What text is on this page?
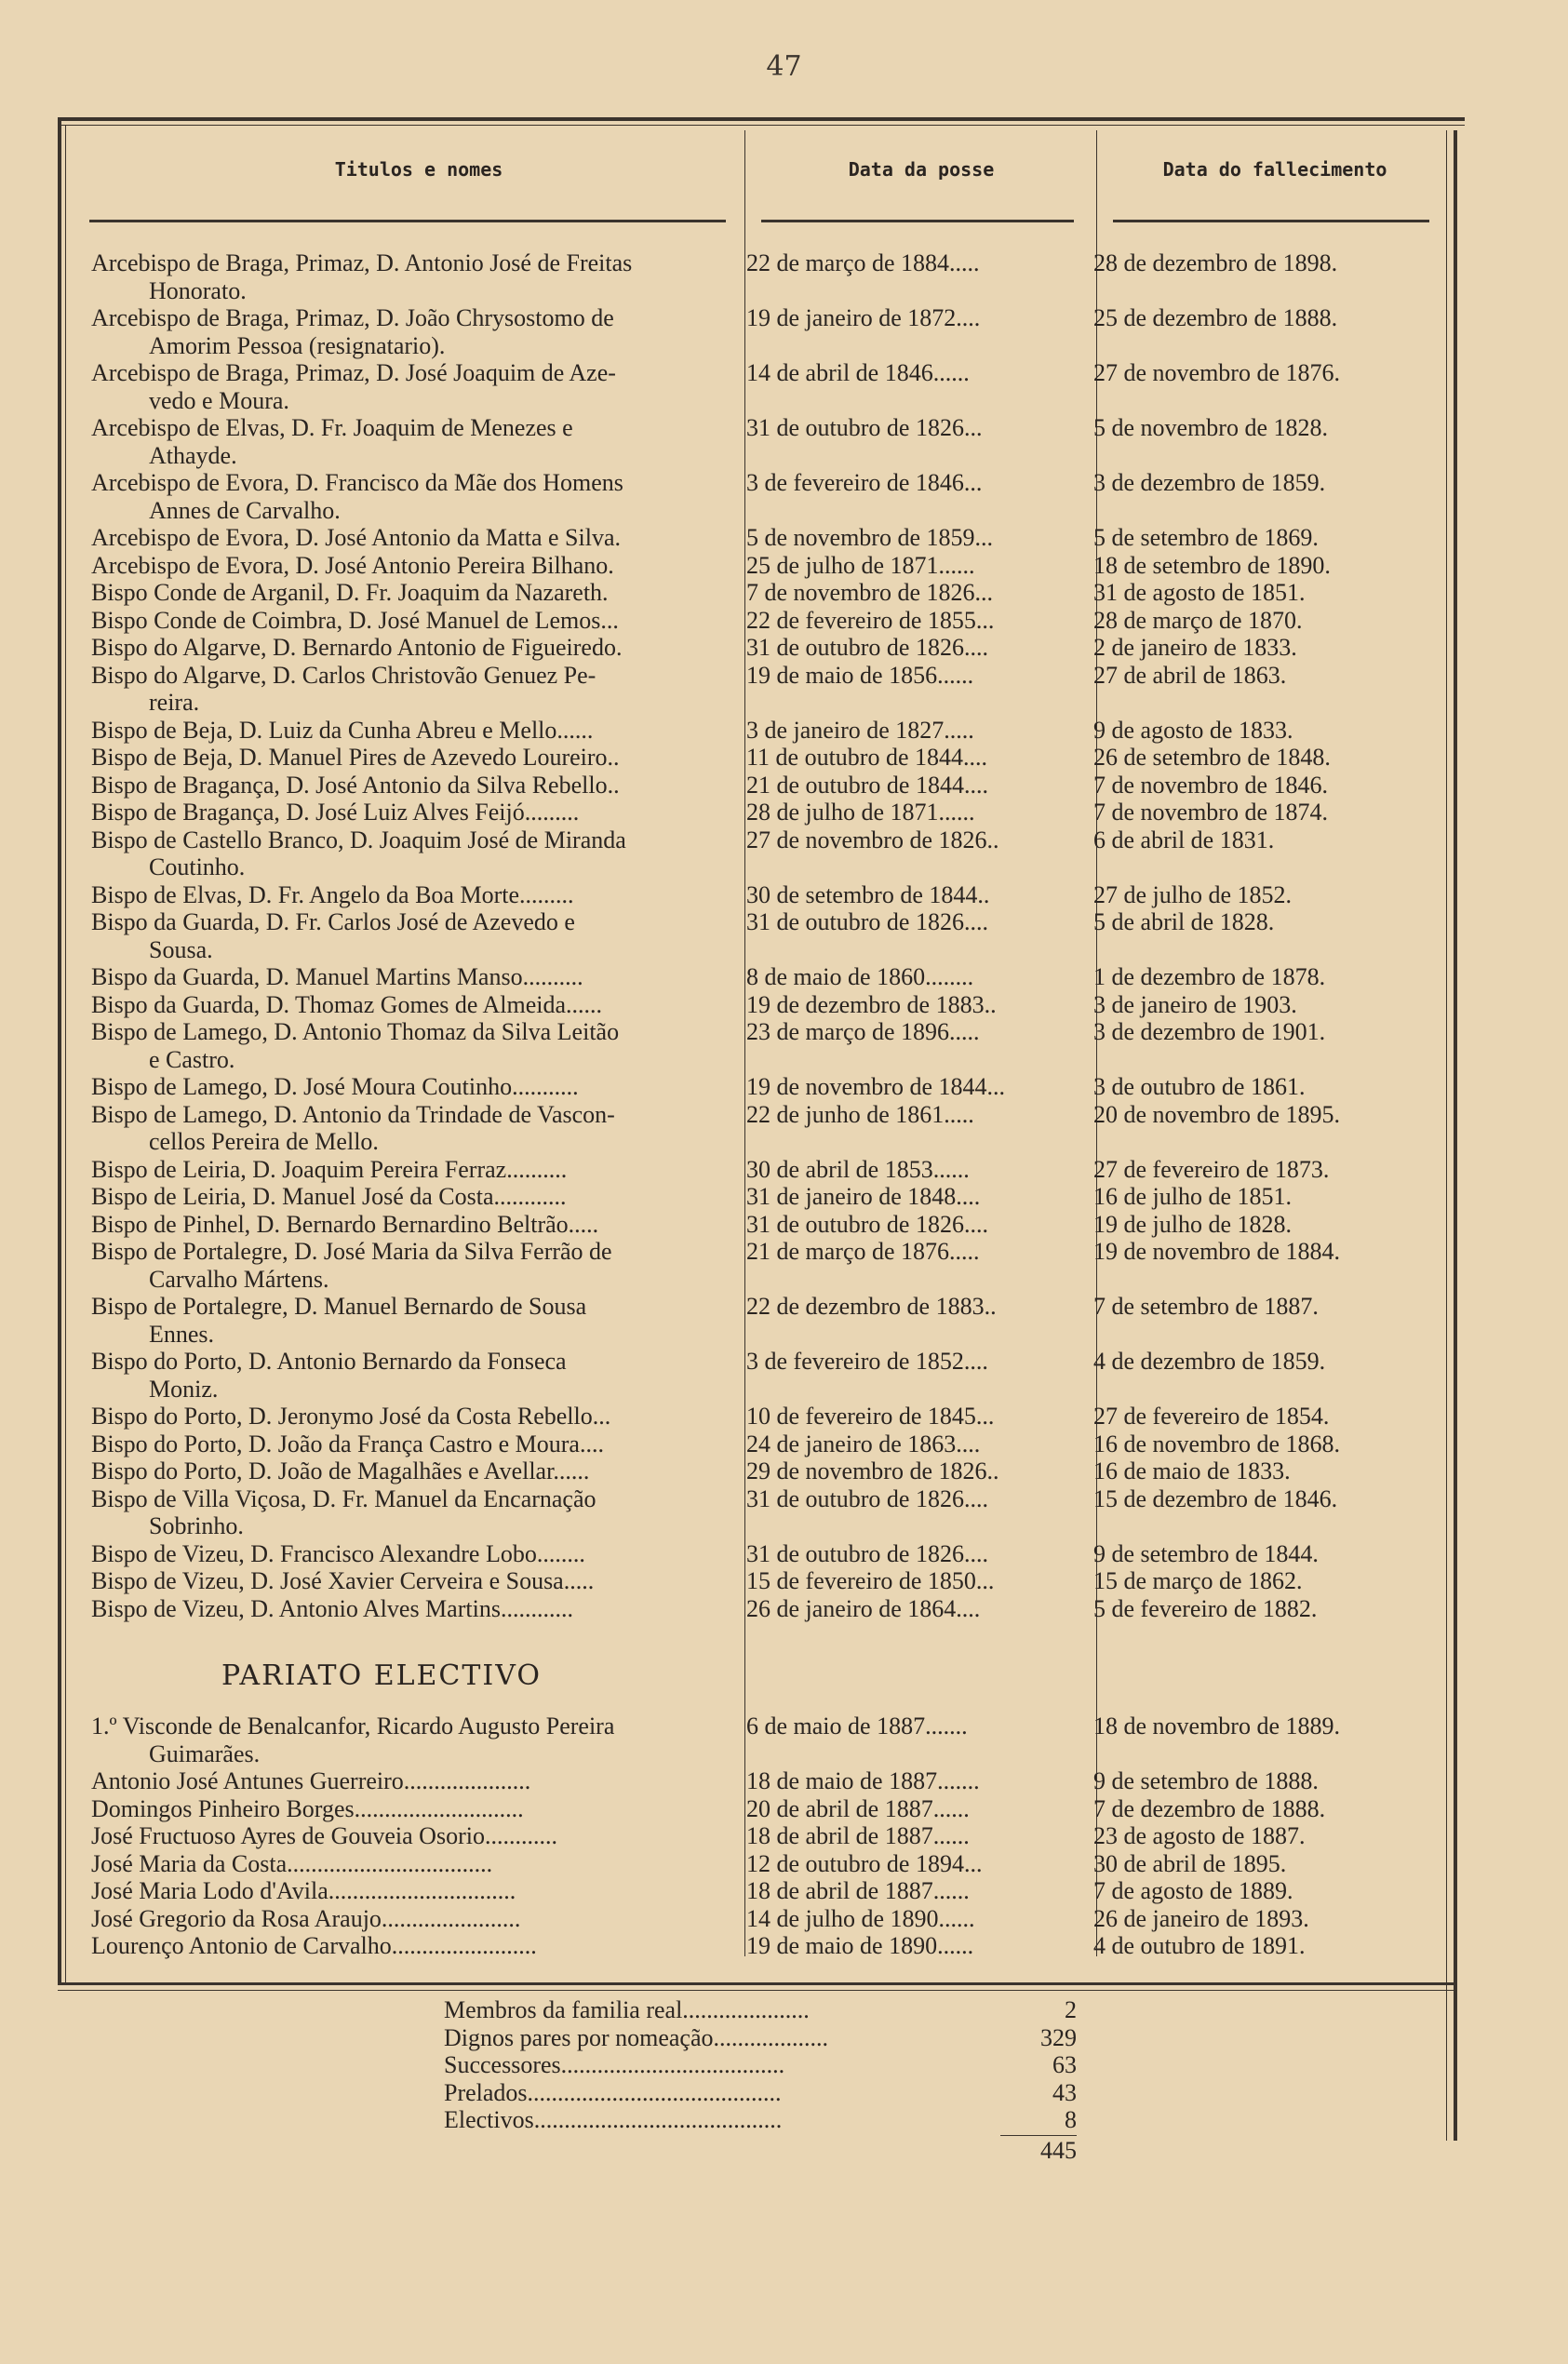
47
Titulos e nomes	Data da posse	Data do fallecimento
Arcebispo de Braga, Primaz, D. Antonio José de Freitas
Honorato.
22 de março de 1884.....	28 de dezembro de 1898.
Arcebispo de Braga, Primaz, D. João Chrysostomo de
Amorim Pessoa (resignatario).
19 de janeiro de 1872....	25 de dezembro de 1888.
Arcebispo de Braga, Primaz, D. José Joaquim de Aze-
vedo e Moura.
14 de abril de 1846......	27 de novembro de 1876.
Arcebispo de Elvas, D. Fr. Joaquim de Menezes e
Athayde.
31 de outubro de 1826...	5 de novembro de 1828.
Arcebispo de Evora, D. Francisco da Mãe dos Homens
Annes de Carvalho.
3 de fevereiro de 1846...	3 de dezembro de 1859.
Arcebispo de Evora, D. José Antonio da Matta e Silva.	5 de novembro de 1859...	5 de setembro de 1869.
Arcebispo de Evora, D. José Antonio Pereira Bilhano.	25 de julho de 1871......	18 de setembro de 1890.
Bispo Conde de Arganil, D. Fr. Joaquim da Nazareth.	7 de novembro de 1826...	31 de agosto de 1851.
Bispo Conde de Coimbra, D. José Manuel de Lemos...	22 de fevereiro de 1855...	28 de março de 1870.
Bispo do Algarve, D. Bernardo Antonio de Figueiredo.	31 de outubro de 1826....	2 de janeiro de 1833.
Bispo do Algarve, D. Carlos Christovão Genuez Pe-
reira.
19 de maio de 1856......	27 de abril de 1863.
Bispo de Beja, D. Luiz da Cunha Abreu e Mello......	3 de janeiro de 1827.....	9 de agosto de 1833.
Bispo de Beja, D. Manuel Pires de Azevedo Loureiro..	11 de outubro de 1844....	26 de setembro de 1848.
Bispo de Bragança, D. José Antonio da Silva Rebello..	21 de outubro de 1844....	7 de novembro de 1846.
Bispo de Bragança, D. José Luiz Alves Feijó.........	28 de julho de 1871......	7 de novembro de 1874.
Bispo de Castello Branco, D. Joaquim José de Miranda
Coutinho.
27 de novembro de 1826..	6 de abril de 1831.
Bispo de Elvas, D. Fr. Angelo da Boa Morte.........	30 de setembro de 1844..	27 de julho de 1852.
Bispo da Guarda, D. Fr. Carlos José de Azevedo e
Sousa.
31 de outubro de 1826....	5 de abril de 1828.
Bispo da Guarda, D. Manuel Martins Manso..........	8 de maio de 1860........	1 de dezembro de 1878.
Bispo da Guarda, D. Thomaz Gomes de Almeida......	19 de dezembro de 1883..	3 de janeiro de 1903.
Bispo de Lamego, D. Antonio Thomaz da Silva Leitão
e Castro.
23 de março de 1896.....	3 de dezembro de 1901.
Bispo de Lamego, D. José Moura Coutinho...........	19 de novembro de 1844...	3 de outubro de 1861.
Bispo de Lamego, D. Antonio da Trindade de Vascon-
cellos Pereira de Mello.
22 de junho de 1861.....	20 de novembro de 1895.
Bispo de Leiria, D. Joaquim Pereira Ferraz..........	30 de abril de 1853......	27 de fevereiro de 1873.
Bispo de Leiria, D. Manuel José da Costa............	31 de janeiro de 1848....	16 de julho de 1851.
Bispo de Pinhel, D. Bernardo Bernardino Beltrão.....	31 de outubro de 1826....	19 de julho de 1828.
Bispo de Portalegre, D. José Maria da Silva Ferrão de
Carvalho Mártens.
21 de março de 1876.....	19 de novembro de 1884.
Bispo de Portalegre, D. Manuel Bernardo de Sousa
Ennes.
22 de dezembro de 1883..	7 de setembro de 1887.
Bispo do Porto, D. Antonio Bernardo da Fonseca
Moniz.
3 de fevereiro de 1852....	4 de dezembro de 1859.
Bispo do Porto, D. Jeronymo José da Costa Rebello...	10 de fevereiro de 1845...	27 de fevereiro de 1854.
Bispo do Porto, D. João da França Castro e Moura....	24 de janeiro de 1863....	16 de novembro de 1868.
Bispo do Porto, D. João de Magalhães e Avellar......	29 de novembro de 1826..	16 de maio de 1833.
Bispo de Villa Viçosa, D. Fr. Manuel da Encarnação
Sobrinho.
31 de outubro de 1826....	15 de dezembro de 1846.
Bispo de Vizeu, D. Francisco Alexandre Lobo........	31 de outubro de 1826....	9 de setembro de 1844.
Bispo de Vizeu, D. José Xavier Cerveira e Sousa.....	15 de fevereiro de 1850...	15 de março de 1862.
Bispo de Vizeu, D. Antonio Alves Martins............	26 de janeiro de 1864....	5 de fevereiro de 1882.
PARIATO ELECTIVO
1.º Visconde de Benalcanfor, Ricardo Augusto Pereira
Guimarães.
6 de maio de 1887.......	18 de novembro de 1889.
Antonio José Antunes Guerreiro.....................	18 de maio de 1887.......	9 de setembro de 1888.
Domingos Pinheiro Borges............................	20 de abril de 1887......	7 de dezembro de 1888.
José Fructuoso Ayres de Gouveia Osorio............	18 de abril de 1887......	23 de agosto de 1887.
José Maria da Costa..................................	12 de outubro de 1894...	30 de abril de 1895.
José Maria Lodo d'Avila...............................	18 de abril de 1887......	7 de agosto de 1889.
José Gregorio da Rosa Araujo.......................	14 de julho de 1890......	26 de janeiro de 1893.
Lourenço Antonio de Carvalho........................	19 de maio de 1890......	4 de outubro de 1891.
Membros da familia real.....................	2
Dignos pares por nomeação...................	329
Successores.....................................	63
Prelados..........................................	43
Electivos.........................................	8
445
